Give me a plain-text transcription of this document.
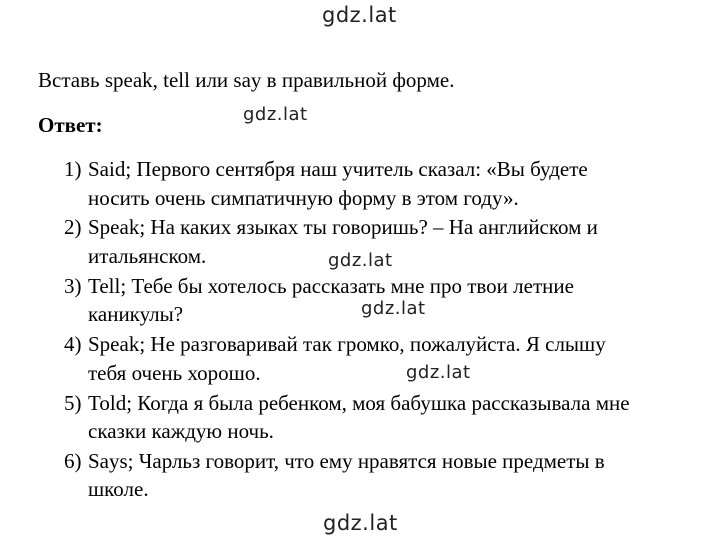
gdz.lat
Вставь speak, tell или say в правильной форме.
Ответ:	gdz.lat
1) Said; Первого сентября наш учитель сказал: «Вы будете
носить очень симпатичную форму в этом году».
2) Speak; На каких языках ты говоришь? – На английском и
итальянском.
3) Tell; Тебе бы хотелось рассказать мне про твои летние
каникулы?
4) Speak; Не разговаривай так громко, пожалуйста. Я слышу
тебя очень хорошо.
5) Told; Когда я была ребенком, моя бабушка рассказывала мне
сказки каждую ночь.
6) Says; Чарльз говорит, что ему нравятся новые предметы в
школе.
gdz.lat
gdz.lat
gdz.lat
gdz.lat
